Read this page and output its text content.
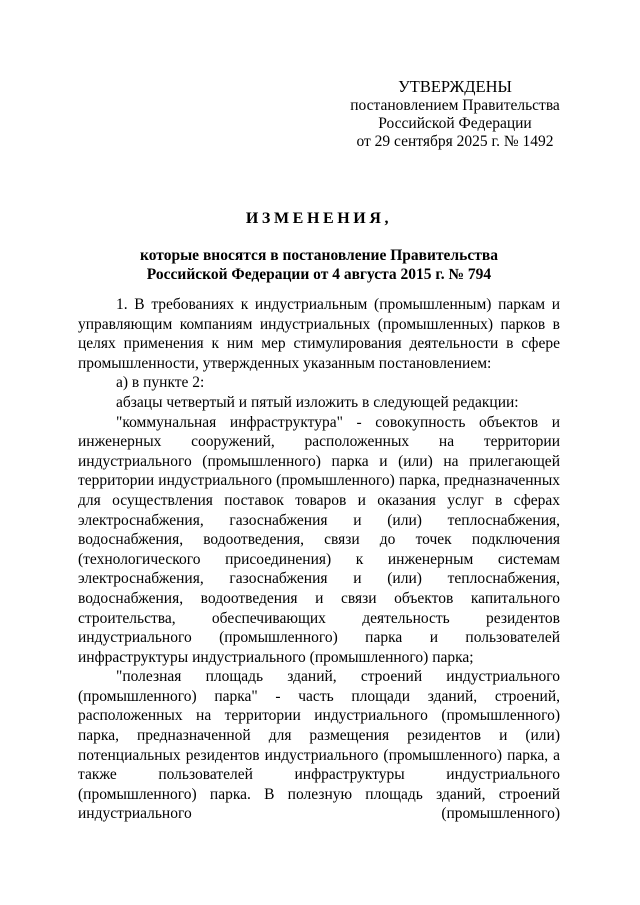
УТВЕРЖДЕНЫ
постановлением Правительства
Российской Федерации
от 29 сентября 2025 г. № 1492
ИЗМЕНЕНИЯ,
которые вносятся в постановление Правительства
Российской Федерации от 4 августа 2015 г. № 794

1. В требованиях к индустриальным (промышленным) паркам и управляющим компаниям индустриальных (промышленных) парков в целях применения к ним мер стимулирования деятельности в сфере промышленности, утвержденных указанным постановлением:

а) в пункте 2:

абзацы четвертый и пятый изложить в следующей редакции:

"коммунальная инфраструктура" - совокупность объектов и инженерных сооружений, расположенных на территории индустриального (промышленного) парка и (или) на прилегающей территории индустриального (промышленного) парка, предназначенных для осуществления поставок товаров и оказания услуг в сферах электроснабжения, газоснабжения и (или) теплоснабжения, водоснабжения, водоотведения, связи до точек подключения (технологического присоединения) к инженерным системам электроснабжения, газоснабжения и (или) теплоснабжения, водоснабжения, водоотведения и связи объектов капитального строительства, обеспечивающих деятельность резидентов индустриального (промышленного) парка и пользователей инфраструктуры индустриального (промышленного) парка;

"полезная площадь зданий, строений индустриального (промышленного) парка" - часть площади зданий, строений, расположенных на территории индустриального (промышленного) парка, предназначенной для размещения резидентов и (или) потенциальных резидентов индустриального (промышленного) парка, а также пользователей инфраструктуры индустриального (промышленного) парка. В полезную площадь зданий, строений индустриального (промышленного)
